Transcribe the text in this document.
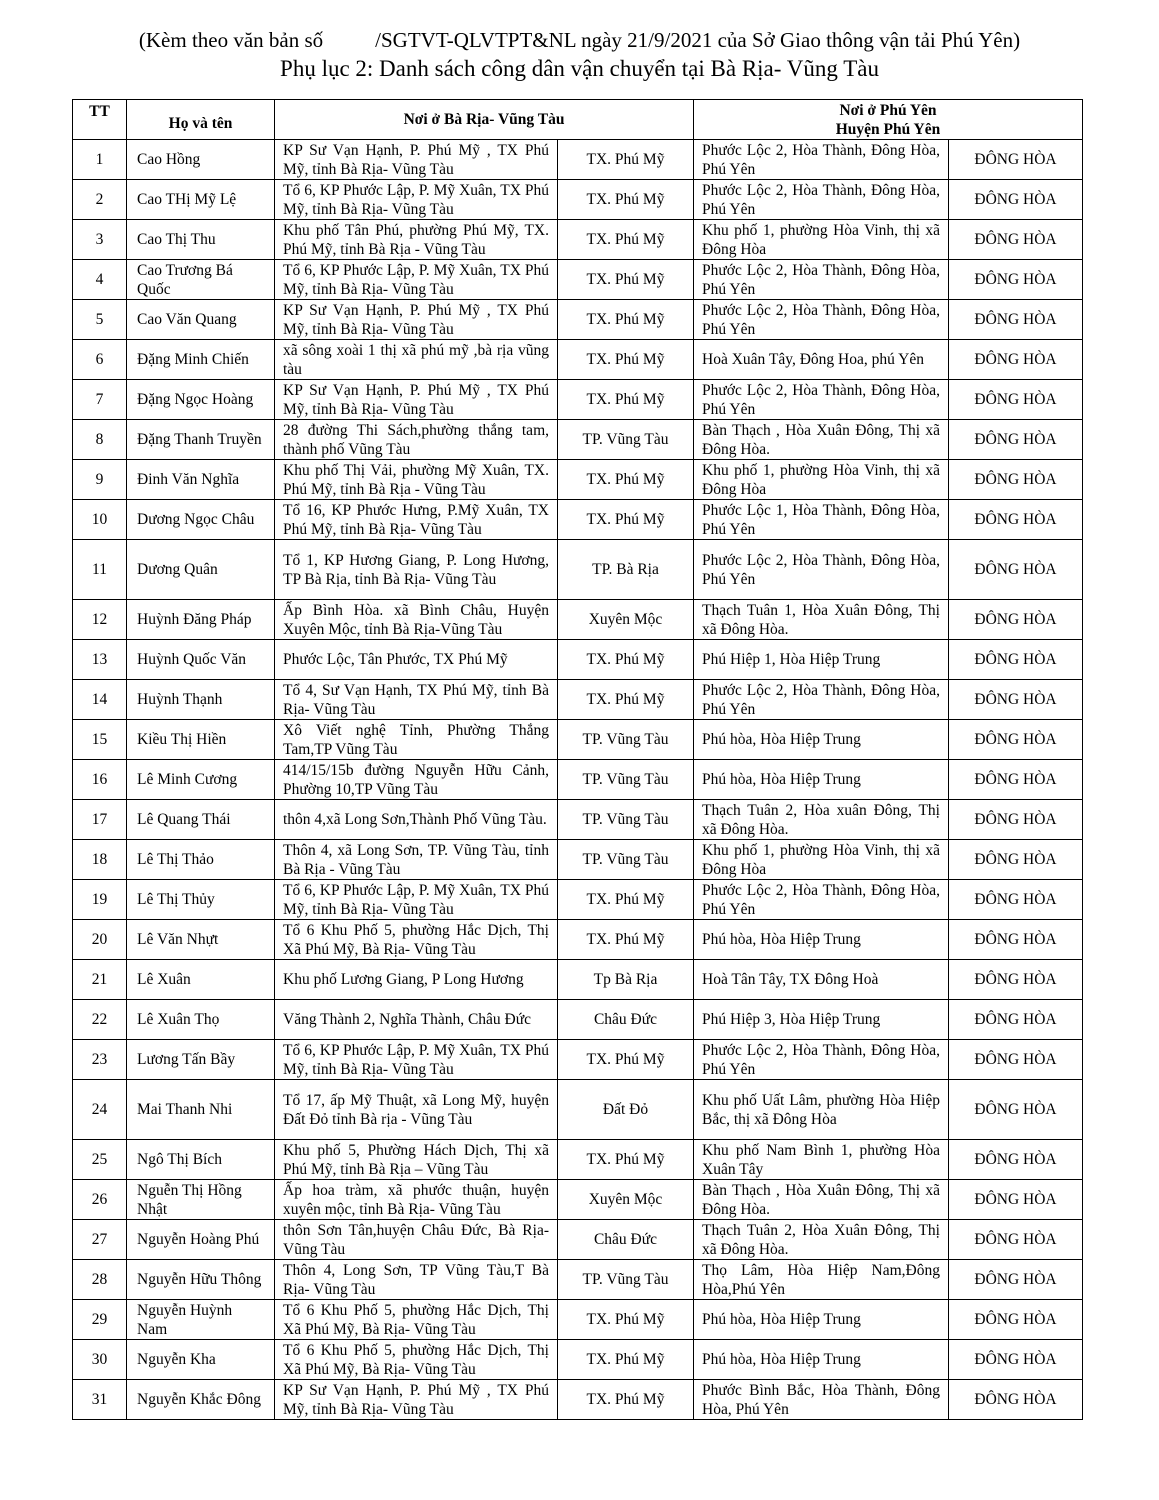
(Kèm theo văn bản số /SGTVT-QLVTPT&NL ngày 21/9/2021 của Sở Giao thông vận tải Phú Yên)
Phụ lục 2: Danh sách công dân vận chuyển tại Bà Rịa- Vũng Tàu
TT	Họ và tên	Nơi ở Bà Rịa- Vũng Tàu		Nơi ở Phú Yên
Huyện Phú Yên	

1	Cao Hồng	KP Sư Vạn Hạnh, P. Phú Mỹ , TX Phú Mỹ, tỉnh Bà Rịa- Vũng Tàu	TX. Phú Mỹ	Phước Lộc 2, Hòa Thành, Đông Hòa, Phú Yên	ĐÔNG HÒA
2	Cao THị Mỹ Lệ	Tổ 6, KP Phước Lập, P. Mỹ Xuân, TX Phú Mỹ, tỉnh Bà Rịa- Vũng Tàu	TX. Phú Mỹ	Phước Lộc 2, Hòa Thành, Đông Hòa, Phú Yên	ĐÔNG HÒA
3	Cao Thị Thu	Khu phố Tân Phú, phường Phú Mỹ, TX. Phú Mỹ, tỉnh Bà Rịa - Vũng Tàu	TX. Phú Mỹ	Khu phố 1, phường Hòa Vinh, thị xã Đông Hòa	ĐÔNG HÒA
4	Cao Trương Bá Quốc	Tổ 6, KP Phước Lập, P. Mỹ Xuân, TX Phú Mỹ, tỉnh Bà Rịa- Vũng Tàu	TX. Phú Mỹ	Phước Lộc 2, Hòa Thành, Đông Hòa, Phú Yên	ĐÔNG HÒA
5	Cao Văn Quang	KP Sư Vạn Hạnh, P. Phú Mỹ , TX Phú Mỹ, tỉnh Bà Rịa- Vũng Tàu	TX. Phú Mỹ	Phước Lộc 2, Hòa Thành, Đông Hòa, Phú Yên	ĐÔNG HÒA
6	Đặng Minh Chiến	xã sông xoài 1 thị xã phú mỹ ,bà rịa vũng tàu	TX. Phú Mỹ	Hoà Xuân Tây, Đông Hoa, phú Yên	ĐÔNG HÒA
7	Đặng Ngọc Hoàng	KP Sư Vạn Hạnh, P. Phú Mỹ , TX Phú Mỹ, tỉnh Bà Rịa- Vũng Tàu	TX. Phú Mỹ	Phước Lộc 2, Hòa Thành, Đông Hòa, Phú Yên	ĐÔNG HÒA
8	Đặng Thanh Truyền	28 đường Thi Sách,phường thắng tam, thành phố Vũng Tàu	TP. Vũng Tàu	Bàn Thạch , Hòa Xuân Đông, Thị xã Đông Hòa.	ĐÔNG HÒA
9	Đinh Văn Nghĩa	Khu phố Thị Vải, phường Mỹ Xuân, TX. Phú Mỹ, tỉnh Bà Rịa - Vũng Tàu	TX. Phú Mỹ	Khu phố 1, phường Hòa Vinh, thị xã Đông Hòa	ĐÔNG HÒA
10	Dương Ngọc Châu	Tổ 16, KP Phước Hưng, P.Mỹ Xuân, TX Phú Mỹ, tỉnh Bà Rịa- Vũng Tàu	TX. Phú Mỹ	Phước Lộc 1, Hòa Thành, Đông Hòa, Phú Yên	ĐÔNG HÒA
11	Dương Quân	Tổ 1, KP Hương Giang, P. Long Hương, TP Bà Rịa, tỉnh Bà Rịa- Vũng Tàu	TP. Bà Rịa	Phước Lộc 2, Hòa Thành, Đông Hòa, Phú Yên	ĐÔNG HÒA
12	Huỳnh Đăng Pháp	Ấp Bình Hòa. xã Bình Châu, Huyện Xuyên Mộc, tỉnh Bà Rịa-Vũng Tàu	Xuyên Mộc	Thạch Tuân 1, Hòa Xuân Đông, Thị xã Đông Hòa.	ĐÔNG HÒA
13	Huỳnh Quốc Văn	Phước Lộc, Tân Phước, TX Phú Mỹ	TX. Phú Mỹ	Phú Hiệp 1, Hòa Hiệp Trung	ĐÔNG HÒA
14	Huỳnh Thạnh	Tổ 4, Sư Vạn Hạnh, TX Phú Mỹ, tỉnh Bà Rịa- Vũng Tàu	TX. Phú Mỹ	Phước Lộc 2, Hòa Thành, Đông Hòa, Phú Yên	ĐÔNG HÒA
15	Kiều Thị Hiền	Xô Viết nghệ Tỉnh, Phường Thắng Tam,TP Vũng Tàu	TP. Vũng Tàu	Phú hòa, Hòa Hiệp Trung	ĐÔNG HÒA
16	Lê Minh Cương	414/15/15b đường Nguyễn Hữu Cảnh, Phường 10,TP Vũng Tàu	TP. Vũng Tàu	Phú hòa, Hòa Hiệp Trung	ĐÔNG HÒA
17	Lê Quang Thái	thôn 4,xã Long Sơn,Thành Phố Vũng Tàu.	TP. Vũng Tàu	Thạch Tuân 2, Hòa xuân Đông, Thị xã Đông Hòa.	ĐÔNG HÒA
18	Lê Thị Thảo	Thôn 4, xã Long Sơn, TP. Vũng Tàu, tỉnh Bà Rịa - Vũng Tàu	TP. Vũng Tàu	Khu phố 1, phường Hòa Vinh, thị xã Đông Hòa	ĐÔNG HÒA
19	Lê Thị Thủy	Tổ 6, KP Phước Lập, P. Mỹ Xuân, TX Phú Mỹ, tỉnh Bà Rịa- Vũng Tàu	TX. Phú Mỹ	Phước Lộc 2, Hòa Thành, Đông Hòa, Phú Yên	ĐÔNG HÒA
20	Lê Văn Nhựt	Tổ 6 Khu Phố 5, phường Hắc Dịch, Thị Xã Phú Mỹ, Bà Rịa- Vũng Tàu	TX. Phú Mỹ	Phú hòa, Hòa Hiệp Trung	ĐÔNG HÒA
21	Lê Xuân	Khu phố Lương Giang, P Long Hương	Tp Bà Rịa	Hoà Tân Tây, TX Đông Hoà	ĐÔNG HÒA
22	Lê Xuân Thọ	Văng Thành 2, Nghĩa Thành, Châu Đức	Châu Đức	Phú Hiệp 3, Hòa Hiệp Trung	ĐÔNG HÒA
23	Lương Tấn Bầy	Tổ 6, KP Phước Lập, P. Mỹ Xuân, TX Phú Mỹ, tỉnh Bà Rịa- Vũng Tàu	TX. Phú Mỹ	Phước Lộc 2, Hòa Thành, Đông Hòa, Phú Yên	ĐÔNG HÒA
24	Mai Thanh Nhi	Tổ 17, ấp Mỹ Thuật, xã Long Mỹ, huyện Đất Đỏ tỉnh Bà rịa - Vũng Tàu	Đất Đỏ	Khu phố Uất Lâm, phường Hòa Hiệp Bắc, thị xã Đông Hòa	ĐÔNG HÒA
25	Ngô Thị Bích	Khu phố 5, Phường Hách Dịch, Thị xã Phú Mỹ, tỉnh Bà Rịa – Vũng Tàu	TX. Phú Mỹ	Khu phố Nam Bình 1, phường Hòa Xuân Tây	ĐÔNG HÒA
26	Nguễn Thị Hồng Nhật	Ấp hoa tràm, xã phước thuận, huyện xuyên mộc, tỉnh Bà Rịa- Vũng Tàu	Xuyên Mộc	Bàn Thạch , Hòa Xuân Đông, Thị xã Đông Hòa.	ĐÔNG HÒA
27	Nguyễn Hoàng Phú	thôn Sơn Tân,huyện Châu Đức, Bà Rịa-Vũng Tàu	Châu Đức	Thạch Tuân 2, Hòa Xuân Đông, Thị xã Đông Hòa.	ĐÔNG HÒA
28	Nguyễn Hữu Thông	Thôn 4, Long Sơn, TP Vũng Tàu,T Bà Rịa- Vũng Tàu	TP. Vũng Tàu	Thọ Lâm, Hòa Hiệp Nam,Đông Hòa,Phú Yên	ĐÔNG HÒA
29	Nguyễn Huỳnh Nam	Tổ 6 Khu Phố 5, phường Hắc Dịch, Thị Xã Phú Mỹ, Bà Rịa- Vũng Tàu	TX. Phú Mỹ	Phú hòa, Hòa Hiệp Trung	ĐÔNG HÒA
30	Nguyễn Kha	Tổ 6 Khu Phố 5, phường Hắc Dịch, Thị Xã Phú Mỹ, Bà Rịa- Vũng Tàu	TX. Phú Mỹ	Phú hòa, Hòa Hiệp Trung	ĐÔNG HÒA
31	Nguyễn Khắc Đông	KP Sư Vạn Hạnh, P. Phú Mỹ , TX Phú Mỹ, tỉnh Bà Rịa- Vũng Tàu	TX. Phú Mỹ	Phước Bình Bắc, Hòa Thành, Đông Hòa, Phú Yên	ĐÔNG HÒA
